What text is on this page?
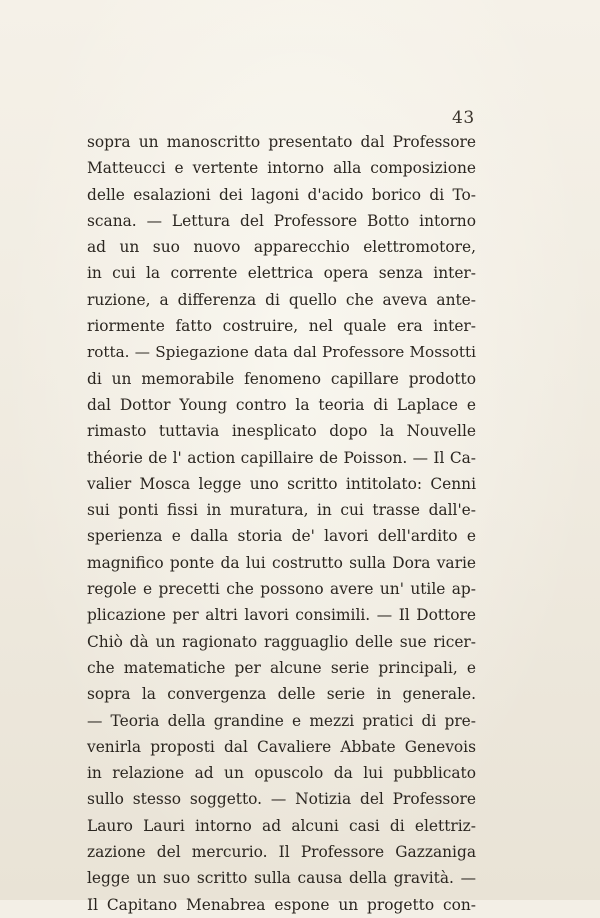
43
sopra un manoscritto presentato dal Professore
Matteucci e vertente intorno alla composizione
delle esalazioni dei lagoni d'acido borico di To-
scana. — Lettura del Professore Botto intorno
ad un suo nuovo apparecchio elettromotore,
in cui la corrente elettrica opera senza inter-
ruzione, a differenza di quello che aveva ante-
riormente fatto costruire, nel quale era inter-
rotta. — Spiegazione data dal Professore Mossotti
di un memorabile fenomeno capillare prodotto
dal Dottor Young contro la teoria di Laplace e
rimasto tuttavia inesplicato dopo la Nouvelle
théorie de l' action capillaire de Poisson. — Il Ca-
valier Mosca legge uno scritto intitolato: Cenni
sui ponti fissi in muratura, in cui trasse dall'e-
sperienza e dalla storia de' lavori dell'ardito e
magnifico ponte da lui costrutto sulla Dora varie
regole e precetti che possono avere un' utile ap-
plicazione per altri lavori consimili. — Il Dottore
Chiò dà un ragionato ragguaglio delle sue ricer-
che matematiche per alcune serie principali, e
sopra la convergenza delle serie in generale.
— Teoria della grandine e mezzi pratici di pre-
venirla proposti dal Cavaliere Abbate Genevois
in relazione ad un opuscolo da lui pubblicato
sullo stesso soggetto. — Notizia del Professore
Lauro Lauri intorno ad alcuni casi di elettriz-
zazione del mercurio. Il Professore Gazzaniga
legge un suo scritto sulla causa della gravità. —
Il Capitano Menabrea espone un progetto con-
